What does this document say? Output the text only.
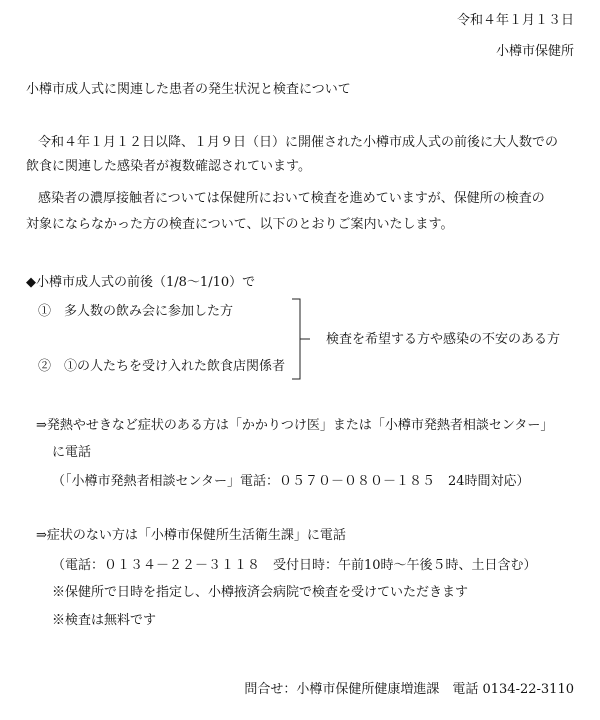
令和４年１月１３日
小樽市保健所
小樽市成人式に関連した患者の発生状況と検査について
令和４年１月１２日以降、１月９日（日）に開催された小樽市成人式の前後に大人数での
飲食に関連した感染者が複数確認されています。
感染者の濃厚接触者については保健所において検査を進めていますが、保健所の検査の
対象にならなかった方の検査について、以下のとおりご案内いたします。
◆小樽市成人式の前後（1/8〜1/10）で
①　多人数の飲み会に参加した方
②　①の人たちを受け入れた飲食店関係者
検査を希望する方や感染の不安のある方
⇒発熱やせきなど症状のある方は「かかりつけ医」または「小樽市発熱者相談センター」
に電話
（「小樽市発熱者相談センター」電話：０５７０－０８０－１８５　24時間対応）
⇒症状のない方は「小樽市保健所生活衛生課」に電話
（電話：０１３４－２２－３１１８　受付日時：午前10時〜午後５時、土日含む）
※保健所で日時を指定し、小樽掖済会病院で検査を受けていただきます
※検査は無料です
問合せ：小樽市保健所健康増進課　電話 0134-22-3110
